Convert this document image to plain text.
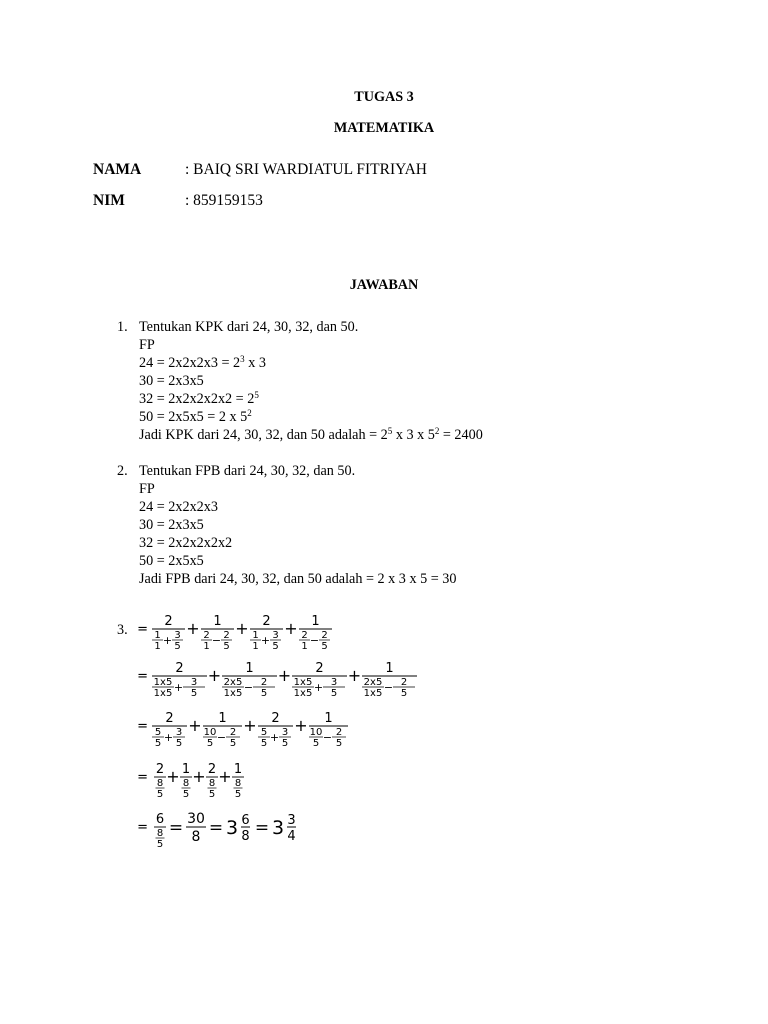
TUGAS 3
MATEMATIKA
NAMA	: BAIQ SRI WARDIATUL FITRIYAH
NIM	: 859159153
JAWABAN
1. Tentukan KPK dari 24, 30, 32, dan 50.
FP
$24 = 2x2x2x3 = 2^3$ x 3
30 = 2x3x5
$32 = 2x2x2x2x2 = 2^5$
50 = 2x5x5 = 2 x $5^2$
Jadi KPK dari 24, 30, 32, dan 50 adalah = $2^5$ x 3 x $5^2 = 2400$
2. Tentukan FPB dari 24, 30, 32, dan 50.
FP
24 = 2x2x2x3
30 = 2x3x5
32 = 2x2x2x2x2
50 = 2x5x5
Jadi FPB dari 24, 30, 32, dan 50 adalah = 2 x 3 x 5 = 30
3. =
2
1
1 + 3
5
+ 1
2
1 − 2
5
+ 2
1
1 + 3
5
+ 1
2
1 − 2
5
=
2
1x5
1x5 + 3
5
+ 1
2x5
1x5 − 2
5
+ 2
1x5
1x5 + 3
5
+ 1
2x5
1x5 − 2
5
=
2
5
5 + 3
5
+ 1
10
5 − 2
5
+ 2
5
5 + 3
5
+ 1
10
5 − 2
5
=
2
8
5
+ 1
8
5
+ 2
8
5
+ 1
8
5
=
6
8
5
= 30
8 = 3 6
8 = 3 3
4
